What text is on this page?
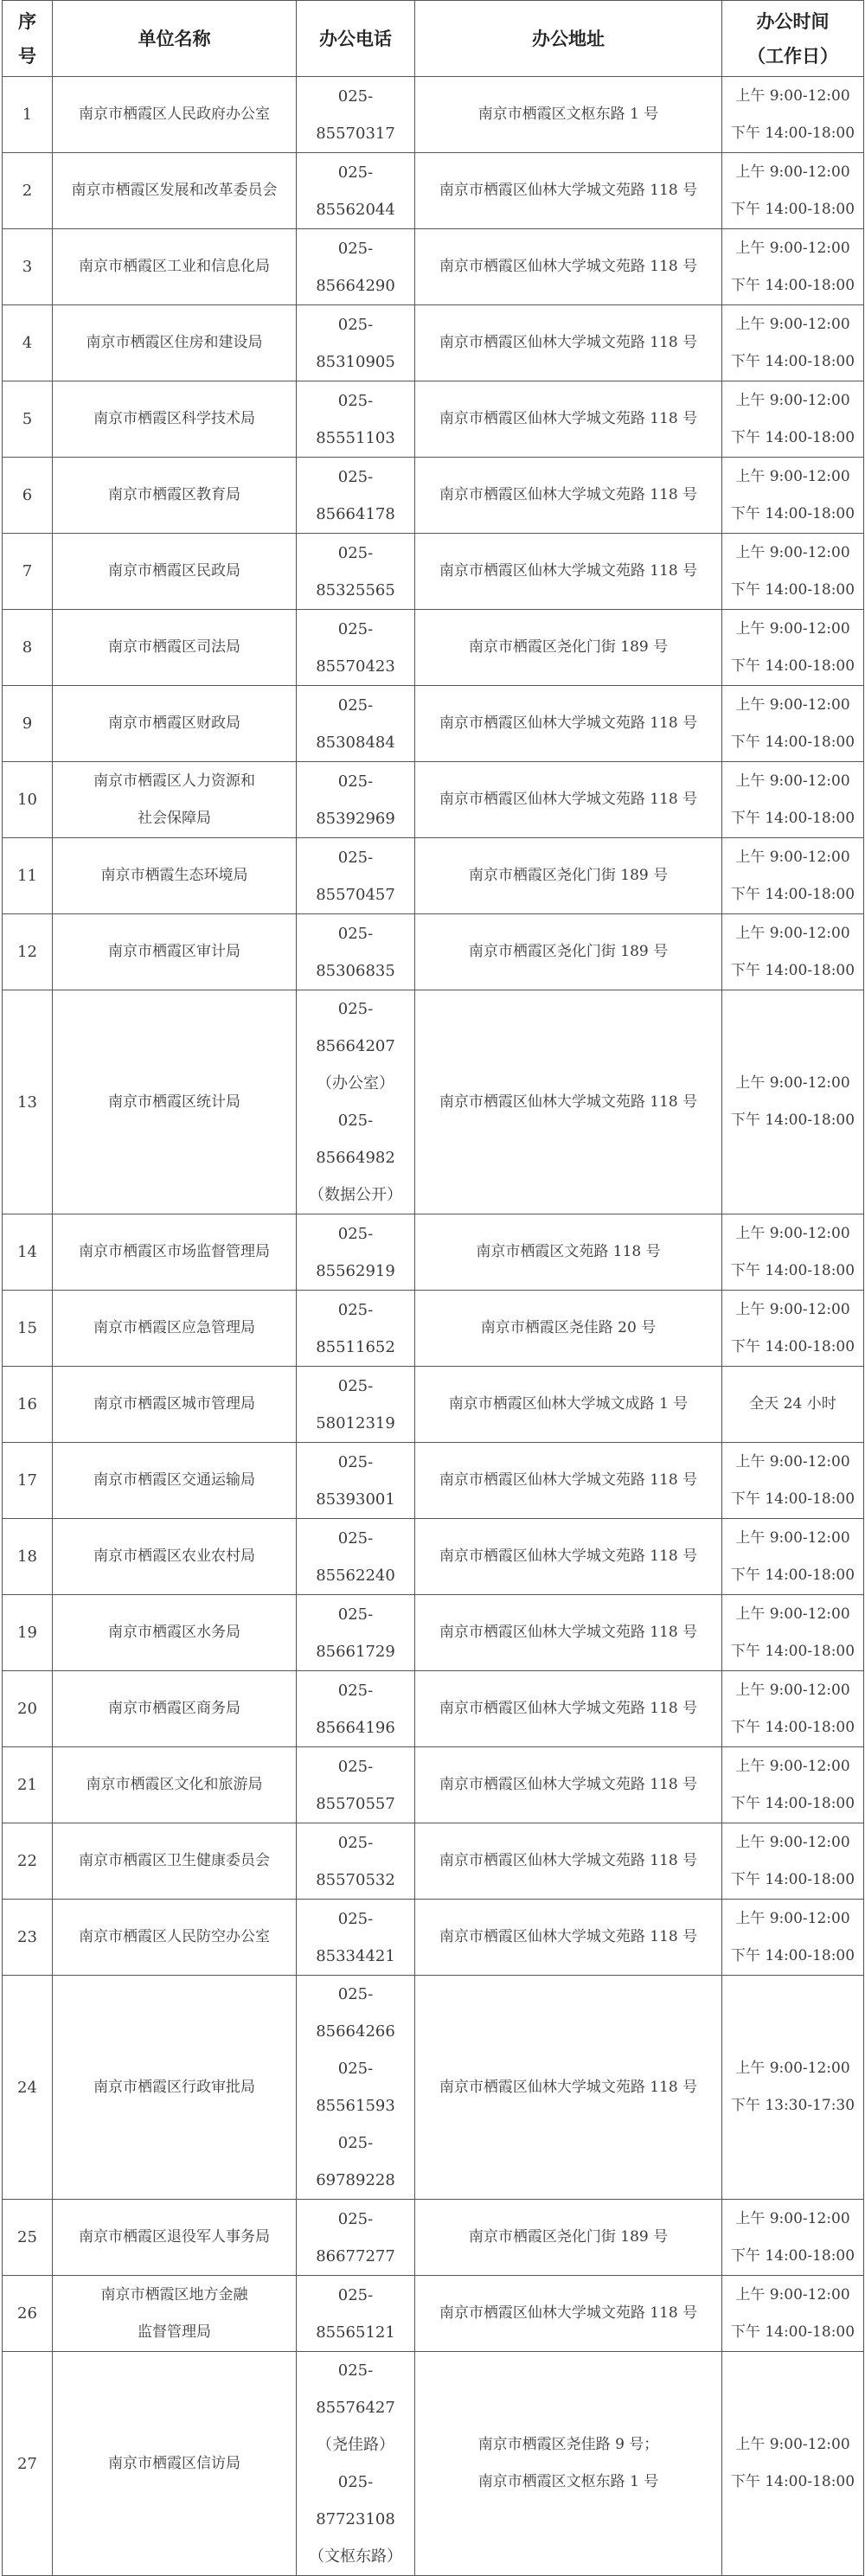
序
号	单位名称	办公电话	办公地址	办公时间
（工作日）

1	南京市栖霞区人民政府办公室	025-85570317	南京市栖霞区文枢东路 1 号	上午 9:00-12:00
下午 14:00-18:00

2	南京市栖霞区发展和改革委员会	025-85562044	南京市栖霞区仙林大学城文苑路 118 号	上午 9:00-12:00
下午 14:00-18:00

3	南京市栖霞区工业和信息化局	025-85664290	南京市栖霞区仙林大学城文苑路 118 号	上午 9:00-12:00
下午 14:00-18:00

4	南京市栖霞区住房和建设局	025-85310905	南京市栖霞区仙林大学城文苑路 118 号	上午 9:00-12:00
下午 14:00-18:00

5	南京市栖霞区科学技术局	025-85551103	南京市栖霞区仙林大学城文苑路 118 号	上午 9:00-12:00
下午 14:00-18:00

6	南京市栖霞区教育局	025-85664178	南京市栖霞区仙林大学城文苑路 118 号	上午 9:00-12:00
下午 14:00-18:00

7	南京市栖霞区民政局	025-85325565	南京市栖霞区仙林大学城文苑路 118 号	上午 9:00-12:00
下午 14:00-18:00

8	南京市栖霞区司法局	025-85570423	南京市栖霞区尧化门街 189 号	上午 9:00-12:00
下午 14:00-18:00

9	南京市栖霞区财政局	025-85308484	南京市栖霞区仙林大学城文苑路 118 号	上午 9:00-12:00
下午 14:00-18:00

10	南京市栖霞区人力资源和
社会保障局	025-85392969	南京市栖霞区仙林大学城文苑路 118 号	上午 9:00-12:00
下午 14:00-18:00

11	南京市栖霞生态环境局	025-85570457	南京市栖霞区尧化门街 189 号	上午 9:00-12:00
下午 14:00-18:00

12	南京市栖霞区审计局	025-85306835	南京市栖霞区尧化门街 189 号	上午 9:00-12:00
下午 14:00-18:00

13	南京市栖霞区统计局	025-85664207
（办公室）
025-85664982
（数据公开）	南京市栖霞区仙林大学城文苑路 118 号	上午 9:00-12:00
下午 14:00-18:00

14	南京市栖霞区市场监督管理局	025-85562919	南京市栖霞区文苑路 118 号	上午 9:00-12:00
下午 14:00-18:00

15	南京市栖霞区应急管理局	025-85511652	南京市栖霞区尧佳路 20 号	上午 9:00-12:00
下午 14:00-18:00

16	南京市栖霞区城市管理局	025-58012319	南京市栖霞区仙林大学城文成路 1 号	全天 24 小时

17	南京市栖霞区交通运输局	025-85393001	南京市栖霞区仙林大学城文苑路 118 号	上午 9:00-12:00
下午 14:00-18:00

18	南京市栖霞区农业农村局	025-85562240	南京市栖霞区仙林大学城文苑路 118 号	上午 9:00-12:00
下午 14:00-18:00

19	南京市栖霞区水务局	025-85661729	南京市栖霞区仙林大学城文苑路 118 号	上午 9:00-12:00
下午 14:00-18:00

20	南京市栖霞区商务局	025-85664196	南京市栖霞区仙林大学城文苑路 118 号	上午 9:00-12:00
下午 14:00-18:00

21	南京市栖霞区文化和旅游局	025-85570557	南京市栖霞区仙林大学城文苑路 118 号	上午 9:00-12:00
下午 14:00-18:00

22	南京市栖霞区卫生健康委员会	025-85570532	南京市栖霞区仙林大学城文苑路 118 号	上午 9:00-12:00
下午 14:00-18:00

23	南京市栖霞区人民防空办公室	025-85334421	南京市栖霞区仙林大学城文苑路 118 号	上午 9:00-12:00
下午 14:00-18:00

24	南京市栖霞区行政审批局	025-85664266
025-85561593
025-69789228	南京市栖霞区仙林大学城文苑路 118 号	上午 9:00-12:00
下午 13:30-17:30

25	南京市栖霞区退役军人事务局	025-86677277	南京市栖霞区尧化门街 189 号	上午 9:00-12:00
下午 14:00-18:00

26	南京市栖霞区地方金融
监督管理局	025-85565121	南京市栖霞区仙林大学城文苑路 118 号	上午 9:00-12:00
下午 14:00-18:00

27	南京市栖霞区信访局	025-85576427
（尧佳路）
025-87723108
（文枢东路）	南京市栖霞区尧佳路 9 号；
南京市栖霞区文枢东路 1 号	上午 9:00-12:00
下午 14:00-18:00
